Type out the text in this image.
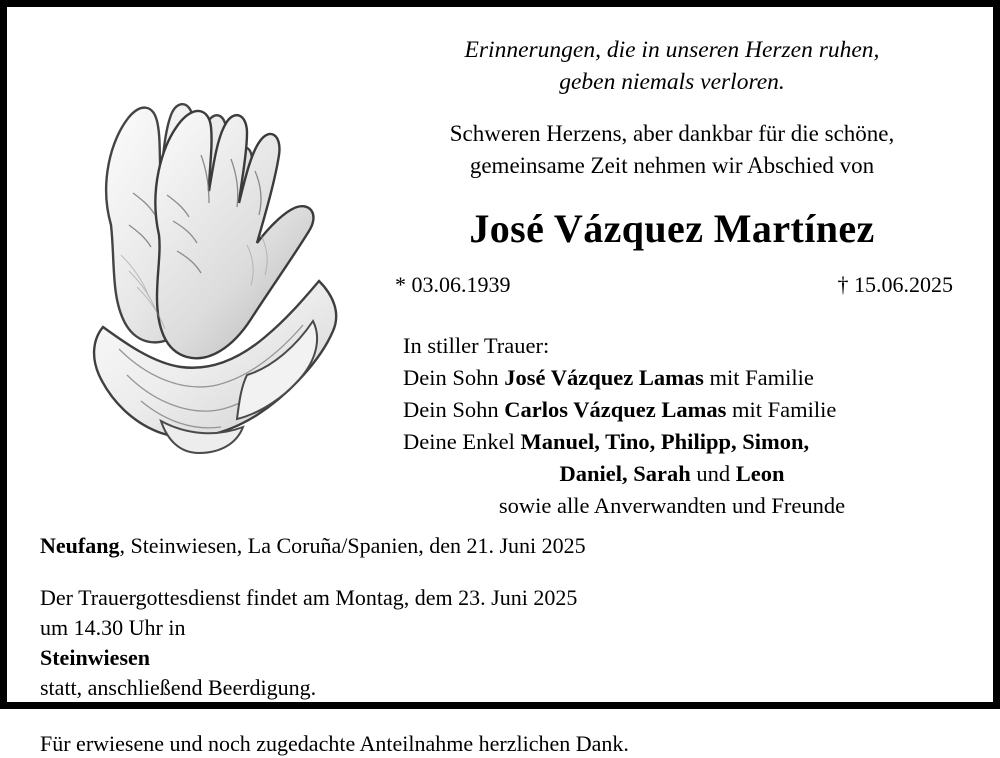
Erinnerungen, die in unseren Herzen ruhen,
geben niemals verloren.
Schweren Herzens, aber dankbar für die schöne,
gemeinsame Zeit nehmen wir Abschied von
José Vázquez Martínez
* 03.06.1939	† 15.06.2025
In stiller Trauer:
Dein Sohn José Vázquez Lamas mit Familie
Dein Sohn Carlos Vázquez Lamas mit Familie
Deine Enkel Manuel, Tino, Philipp, Simon,
Daniel, Sarah und Leon
sowie alle Anverwandten und Freunde

Neufang, Steinwiesen, La Coruña/Spanien, den 21. Juni 2025

Der Trauergottesdienst findet am Montag, dem 23. Juni 2025
um 14.30 Uhr in
Steinwiesen
statt, anschließend Beerdigung.

Für erwiesene und noch zugedachte Anteilnahme herzlichen Dank.
